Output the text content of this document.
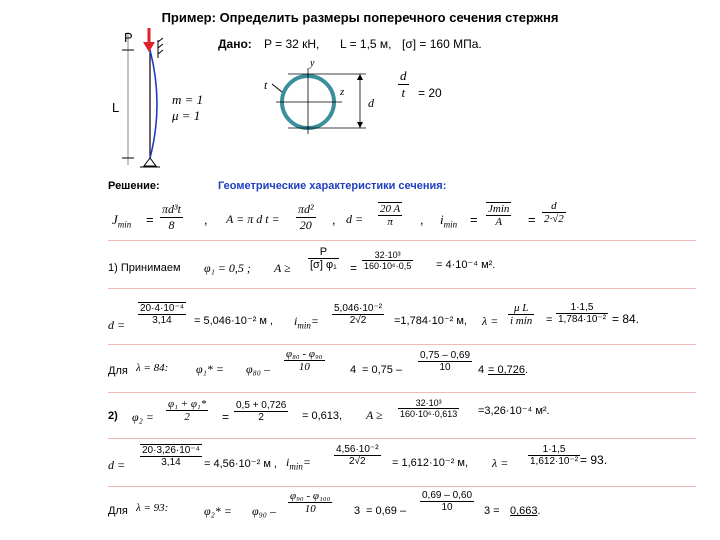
Пример: Определить размеры поперечного сечения стержня
P
L
m = 1
μ = 1
Дано: P = 32 кН, L = 1,5 м, [σ] = 160 МПа.
$\frac{d}{t} = 20$
t
y
z
d
Решение:	Геометрические характеристики сечения:
$J_{min} = \frac{\text{πd³t}}{8}$ , A = π d $t = \frac{\text{πd²}}{20}$ , $d = \frac{20 A}{\pi}$ , $i_{min}$ =
Jmin
A	= $\frac{d}{2\cdot√2}$
1) Принимаем φ₁ = 0,5 ; $A \ge \frac{P}{\text{[σ] φ₁}} = \frac{\text{32·10³}}{\text{160·10⁶·0,5}} = 4\cdot 10^{-4}$ м².
$d = \frac{\text{20·4·10⁻⁴}}{3,14} = 5,046\cdot 10^{-2}$ м , $i_{min}= \frac{\text{5,046·10⁻²}}{2√2} =1,784\cdot 10^{-2}$ м, λ =
μ L
i $\min = \frac{1\cdot 1,5}{\text{1,784·10⁻²}} = 84$.
Для λ = 84: $\varphi_1* = \varphi_{80} - \frac{\text{φ₈₀ - φ₉₀}}{10} 4 = 0,75 - \frac{0,75 - 0,69}{10} 4 = 0,726$.
2) $\varphi_2 = \frac{\text{φ₁ + φ₁*}}{2} = \frac{0,5 + 0,726}{2} = 0,613$, $A \ge \frac{\text{32·10³}}{\text{160·10⁶·0,613}} =3,26\cdot 10^{-4}$ м².
$d = \frac{\text{20·3,26·10⁻⁴}}{3,14} = 4,56\cdot 10^{-2}$ м , $i_{min}= \frac{\text{4,56·10⁻²}}{2√2} = 1,612\cdot 10^{-2}$ м, $\lambda = \frac{1\cdot 1,5}{\text{1,612·10⁻²}} = 93$.
Для λ = 93:	$\varphi_2* = \varphi_{90} - \frac{\text{φ₉₀ - φ₁₀₀}}{10} 3 = 0,69 - \frac{0,69 - 0,60}{10} 3 = 0,663$.
